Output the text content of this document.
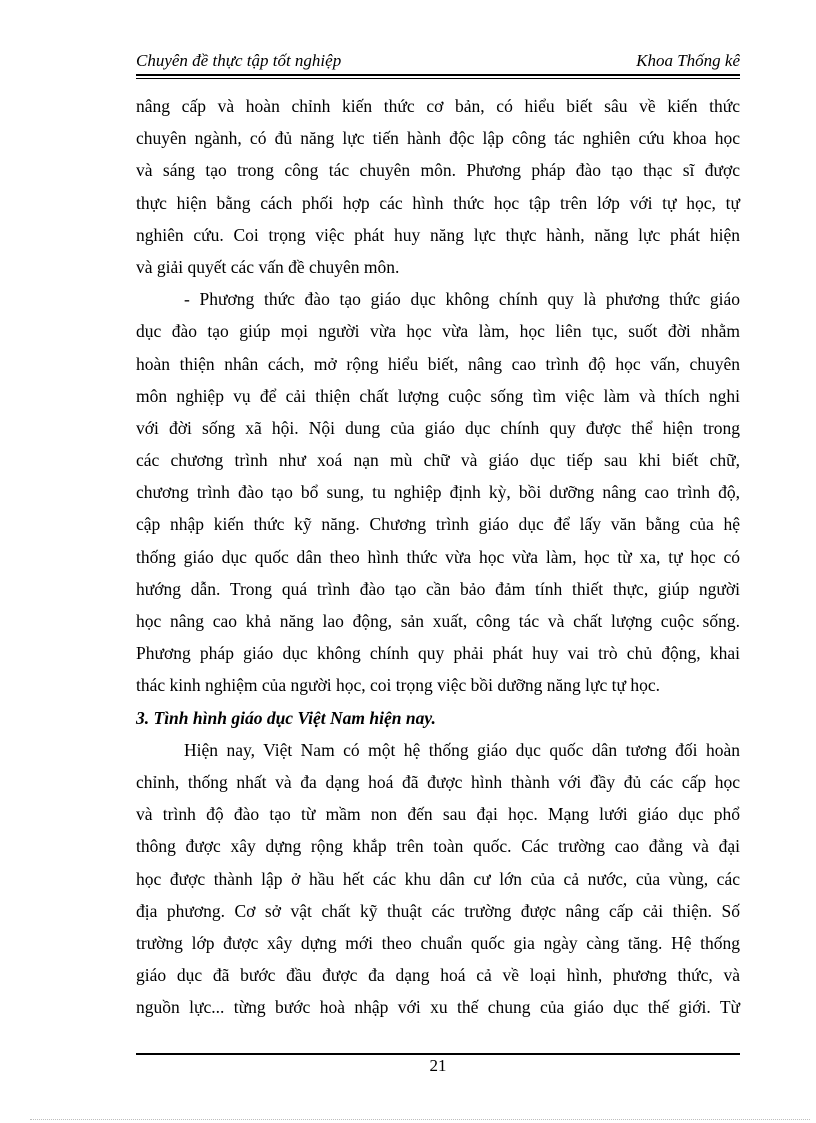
Chuyên đề thực tập tốt nghiệp	Khoa Thống kê
nâng cấp và hoàn chỉnh kiến thức cơ bản, có hiểu biết sâu về kiến thức
chuyên ngành, có đủ năng lực tiến hành độc lập công tác nghiên cứu khoa học
và sáng tạo trong công tác chuyên môn. Phương pháp đào tạo thạc sĩ được
thực hiện bằng cách phối hợp các hình thức học tập trên lớp với tự học, tự
nghiên cứu. Coi trọng việc phát huy năng lực thực hành, năng lực phát hiện
và giải quyết các vấn đề chuyên môn.
- Phương thức đào tạo giáo dục không chính quy là phương thức giáo
dục đào tạo giúp mọi người vừa học vừa làm, học liên tục, suốt đời nhằm
hoàn thiện nhân cách, mở rộng hiểu biết, nâng cao trình độ học vấn, chuyên
môn nghiệp vụ để cải thiện chất lượng cuộc sống tìm việc làm và thích nghi
với đời sống xã hội. Nội dung của giáo dục chính quy được thể hiện trong
các chương trình như xoá nạn mù chữ và giáo dục tiếp sau khi biết chữ,
chương trình đào tạo bổ sung, tu nghiệp định kỳ, bồi dưỡng nâng cao trình độ,
cập nhập kiến thức kỹ năng. Chương trình giáo dục để lấy văn bằng của hệ
thống giáo dục quốc dân theo hình thức vừa học vừa làm, học từ xa, tự học có
hướng dẫn. Trong quá trình đào tạo cần bảo đảm tính thiết thực, giúp người
học nâng cao khả năng lao động, sản xuất, công tác và chất lượng cuộc sống.
Phương pháp giáo dục không chính quy phải phát huy vai trò chủ động, khai
thác kinh nghiệm của người học, coi trọng việc bồi dưỡng năng lực tự học.
3. Tình hình giáo dục Việt Nam hiện nay.
Hiện nay, Việt Nam có một hệ thống giáo dục quốc dân tương đối hoàn
chỉnh, thống nhất và đa dạng hoá đã được hình thành với đầy đủ các cấp học
và trình độ đào tạo từ mầm non đến sau đại học. Mạng lưới giáo dục phổ
thông được xây dựng rộng khắp trên toàn quốc. Các trường cao đẳng và đại
học được thành lập ở hầu hết các khu dân cư lớn của cả nước, của vùng, các
địa phương. Cơ sở vật chất kỹ thuật các trường được nâng cấp cải thiện. Số
trường lớp được xây dựng mới theo chuẩn quốc gia ngày càng tăng. Hệ thống
giáo dục đã bước đầu được đa dạng hoá cả về loại hình, phương thức, và
nguồn lực... từng bước hoà nhập với xu thế chung của giáo dục thế giới. Từ
21
